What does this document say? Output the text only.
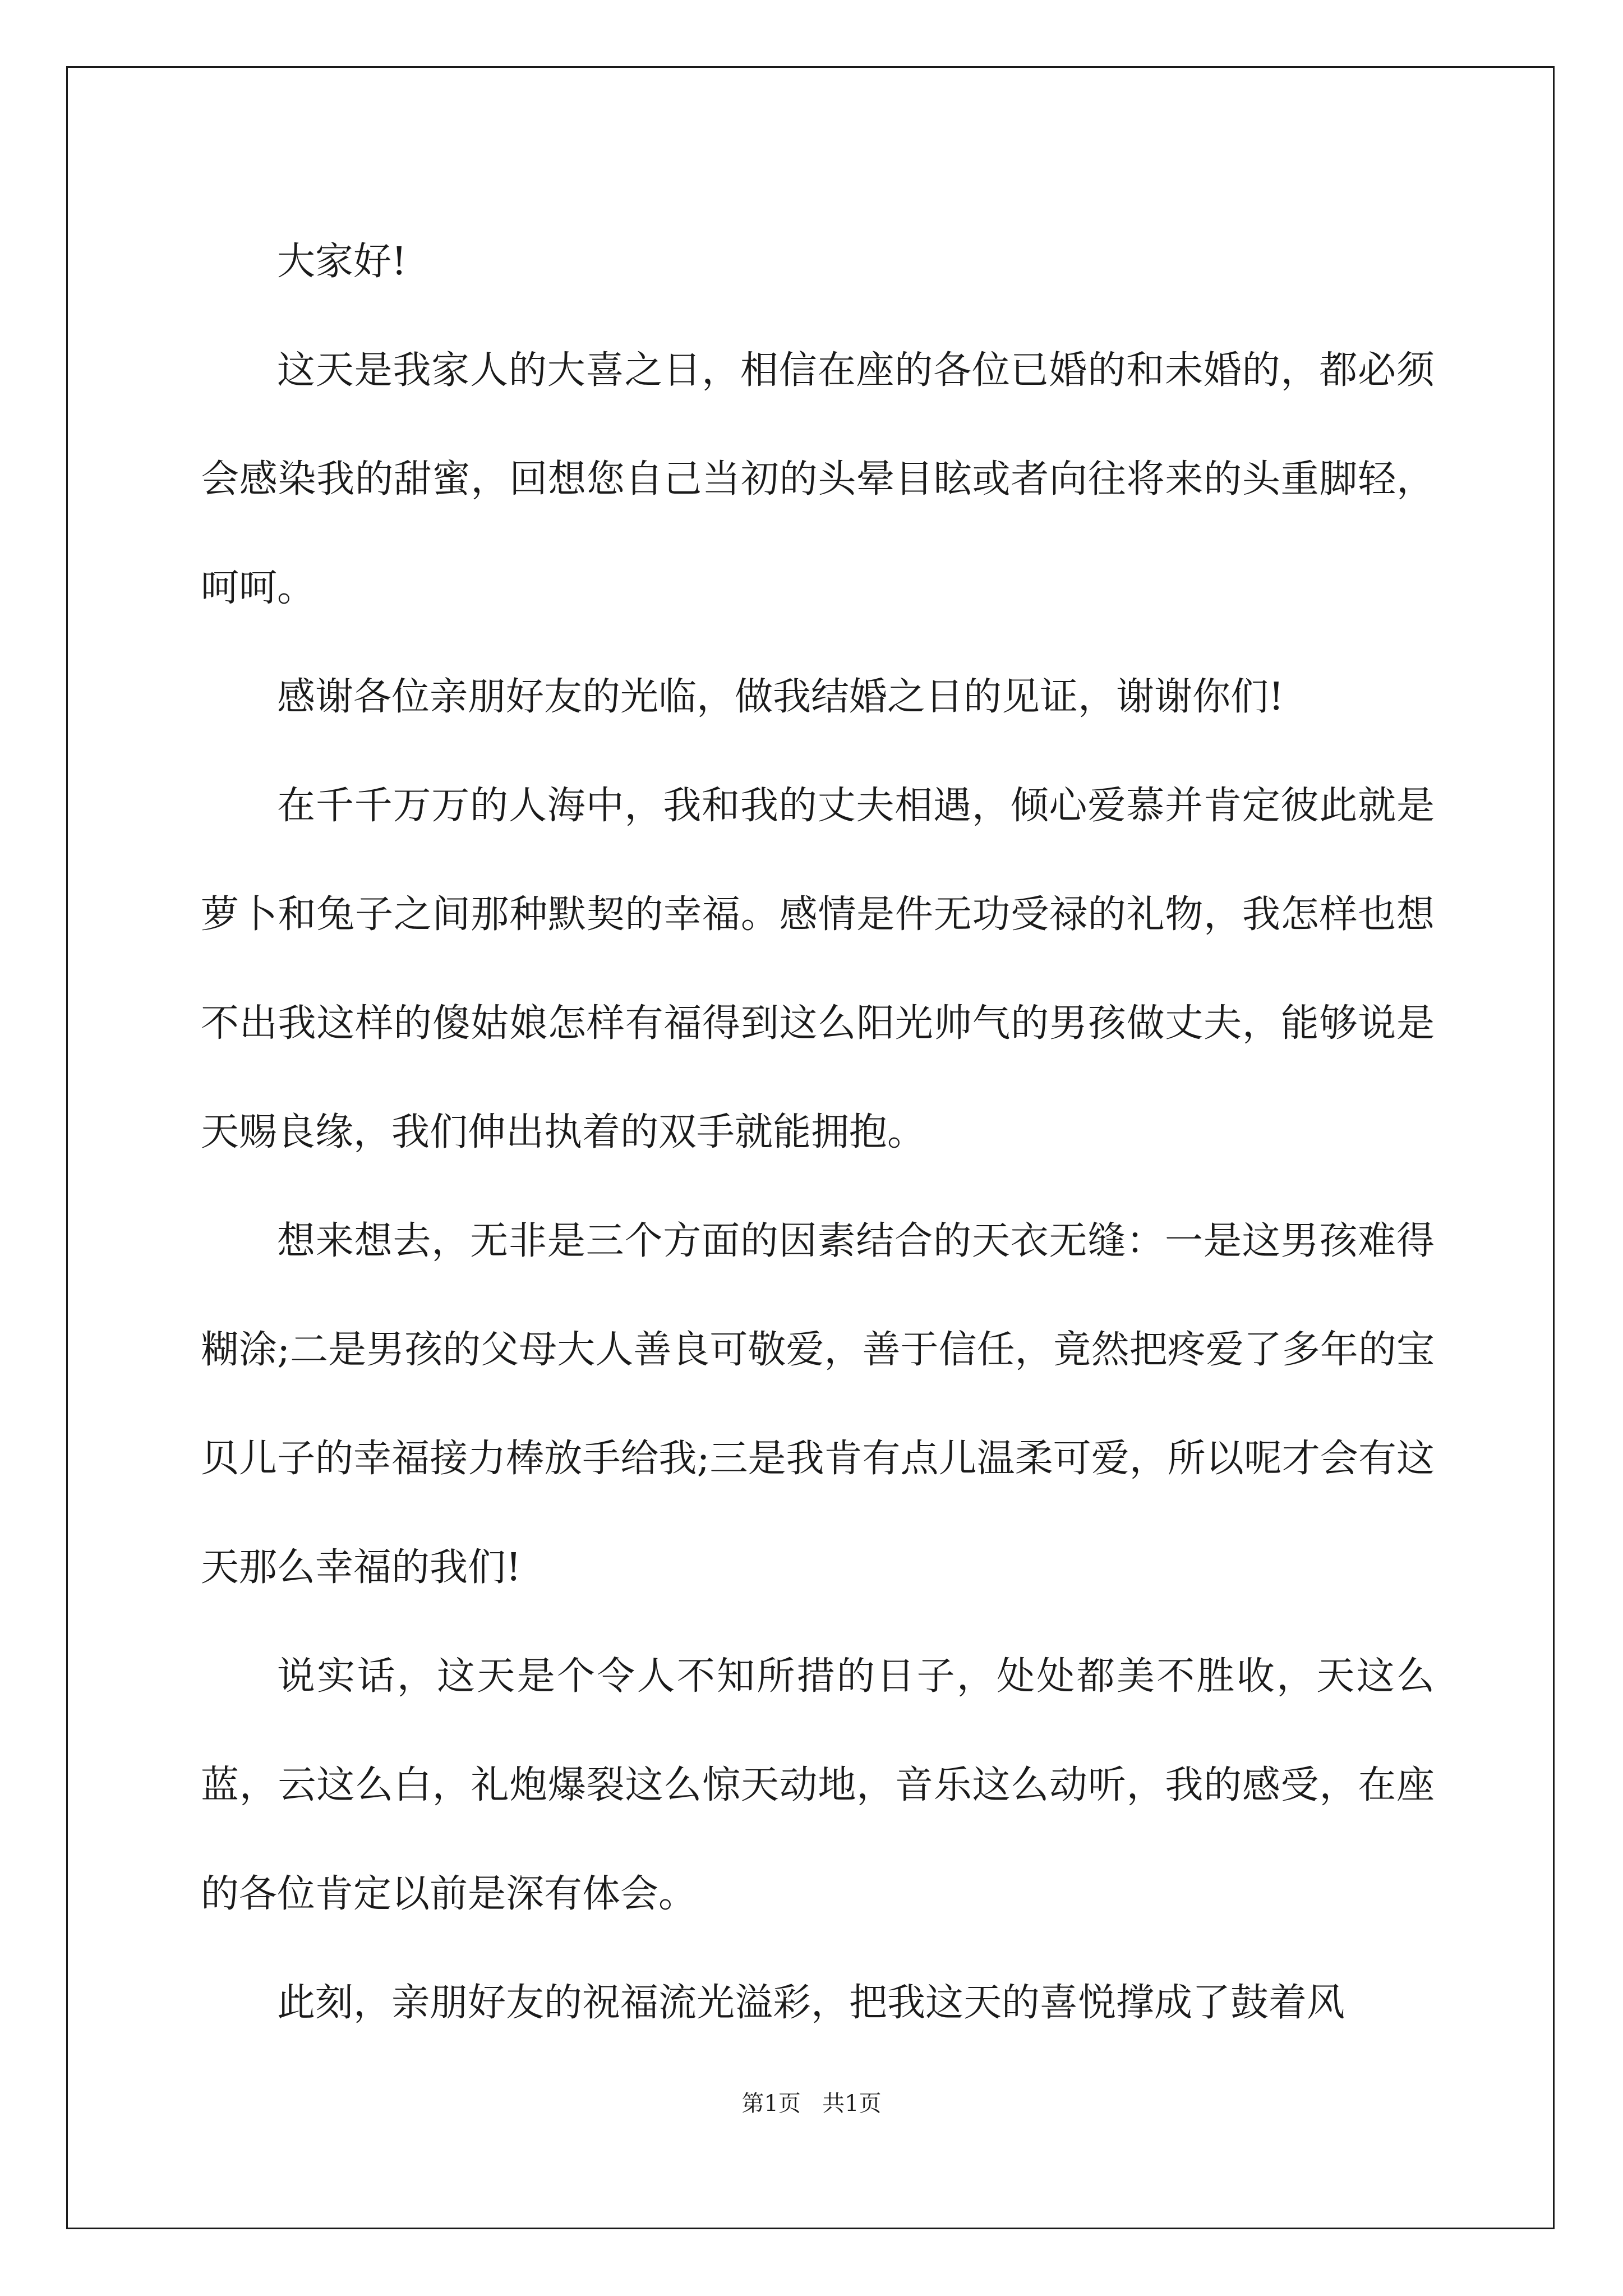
大家好!

这天是我家人的大喜之日，相信在座的各位已婚的和未婚的，都必须会感染我的甜蜜，回想您自己当初的头晕目眩或者向往将来的头重脚轻，呵呵。

感谢各位亲朋好友的光临，做我结婚之日的见证，谢谢你们!

在千千万万的人海中，我和我的丈夫相遇，倾心爱慕并肯定彼此就是萝卜和兔子之间那种默契的幸福。感情是件无功受禄的礼物，我怎样也想不出我这样的傻姑娘怎样有福得到这么阳光帅气的男孩做丈夫，能够说是天赐良缘，我们伸出执着的双手就能拥抱。

想来想去，无非是三个方面的因素结合的天衣无缝：一是这男孩难得糊涂;二是男孩的父母大人善良可敬爱，善于信任，竟然把疼爱了多年的宝贝儿子的幸福接力棒放手给我;三是我肯有点儿温柔可爱，所以呢才会有这天那么幸福的我们!

说实话，这天是个令人不知所措的日子，处处都美不胜收，天这么蓝，云这么白，礼炮爆裂这么惊天动地，音乐这么动听，我的感受，在座的各位肯定以前是深有体会。

此刻，亲朋好友的祝福流光溢彩，把我这天的喜悦撑成了鼓着风

第1页 共1页
